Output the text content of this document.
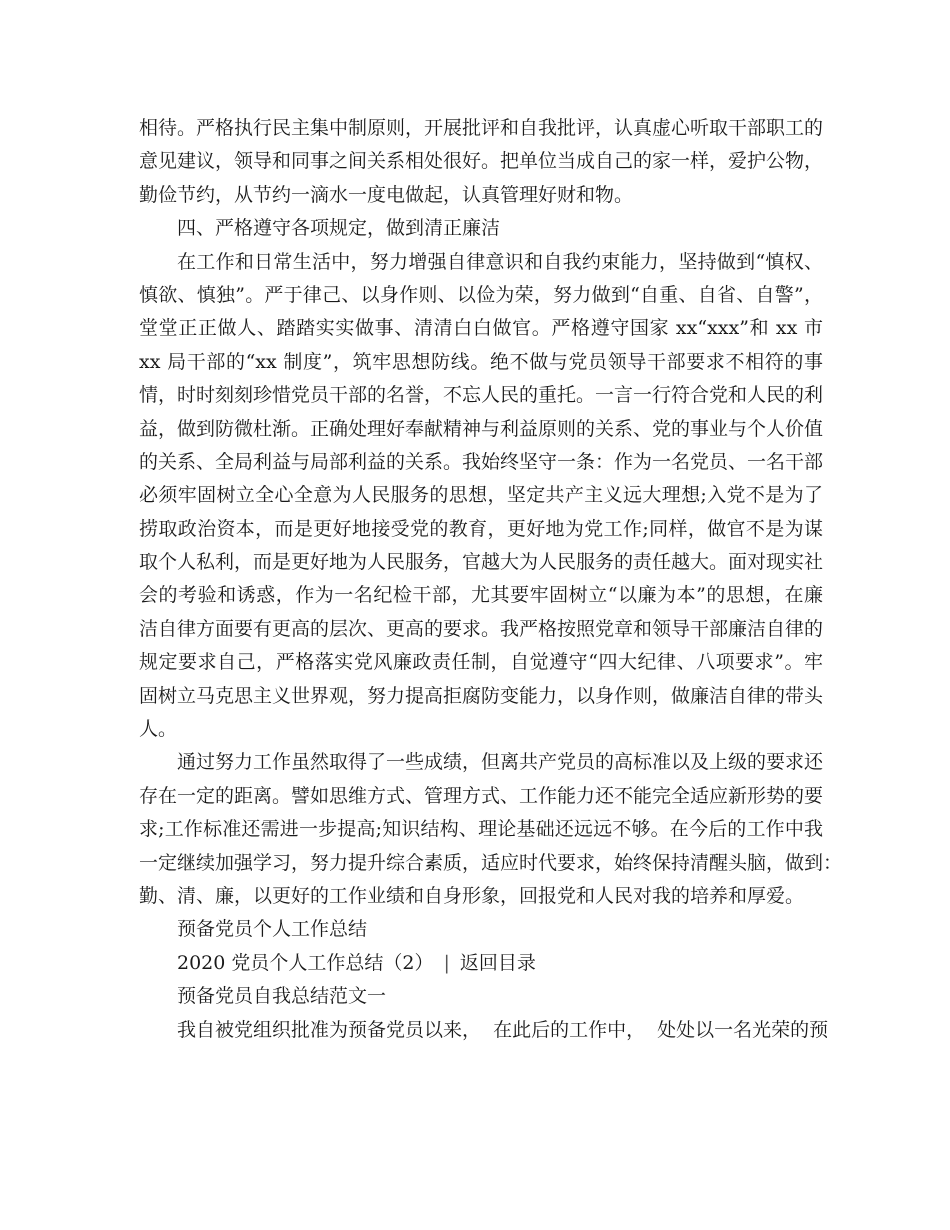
相待。严格执行民主集中制原则，开展批评和自我批评，认真虚心听取干部职工的
意见建议，领导和同事之间关系相处很好。把单位当成自己的家一样，爱护公物，
勤俭节约，从节约一滴水一度电做起，认真管理好财和物。
四、严格遵守各项规定，做到清正廉洁
在工作和日常生活中，努力增强自律意识和自我约束能力，坚持做到“慎权、
慎欲、慎独”。严于律己、以身作则、以俭为荣，努力做到“自重、自省、自警”，
堂堂正正做人、踏踏实实做事、清清白白做官。严格遵守国家 xx“xxx”和 xx 市
xx 局干部的“xx 制度”，筑牢思想防线。绝不做与党员领导干部要求不相符的事
情，时时刻刻珍惜党员干部的名誉，不忘人民的重托。一言一行符合党和人民的利
益，做到防微杜渐。正确处理好奉献精神与利益原则的关系、党的事业与个人价值
的关系、全局利益与局部利益的关系。我始终坚守一条：作为一名党员、一名干部
必须牢固树立全心全意为人民服务的思想，坚定共产主义远大理想;入党不是为了
捞取政治资本，而是更好地接受党的教育，更好地为党工作;同样，做官不是为谋
取个人私利，而是更好地为人民服务，官越大为人民服务的责任越大。面对现实社
会的考验和诱惑，作为一名纪检干部，尤其要牢固树立“以廉为本”的思想，在廉
洁自律方面要有更高的层次、更高的要求。我严格按照党章和领导干部廉洁自律的
规定要求自己，严格落实党风廉政责任制，自觉遵守“四大纪律、八项要求”。牢
固树立马克思主义世界观，努力提高拒腐防变能力，以身作则，做廉洁自律的带头
人。
通过努力工作虽然取得了一些成绩，但离共产党员的高标准以及上级的要求还
存在一定的距离。譬如思维方式、管理方式、工作能力还不能完全适应新形势的要
求;工作标准还需进一步提高;知识结构、理论基础还远远不够。在今后的工作中我
一定继续加强学习，努力提升综合素质，适应时代要求，始终保持清醒头脑，做到：
勤、清、廉，以更好的工作业绩和自身形象，回报党和人民对我的培养和厚爱。
预备党员个人工作总结
2020 党员个人工作总结（2） | 返回目录
预备党员自我总结范文一
我自被党组织批准为预备党员以来，  在此后的工作中，  处处以一名光荣的预
